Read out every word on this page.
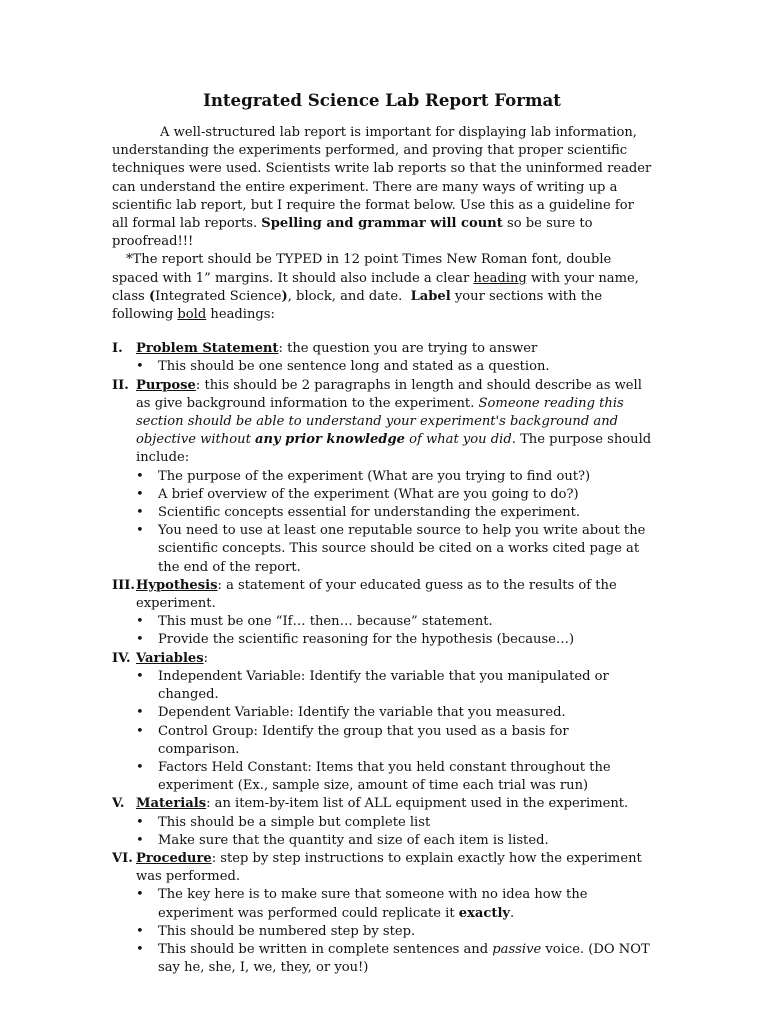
Integrated Science Lab Report Format

A well-structured lab report is important for displaying lab information, understanding the experiments performed, and proving that proper scientific techniques were used. Scientists write lab reports so that the uninformed reader can understand the entire experiment. There are many ways of writing up a scientific lab report, but I require the format below. Use this as a guideline for all formal lab reports. Spelling and grammar will count so be sure to proofread!!!

*The report should be TYPED in 12 point Times New Roman font, double spaced with 1” margins. It should also include a clear heading with your name, class (Integrated Science), block, and date. Label your sections with the following bold headings:

I. Problem Statement: the question you are trying to answer
• This should be one sentence long and stated as a question.
II. Purpose: this should be 2 paragraphs in length and should describe as well as give background information to the experiment. Someone reading this section should be able to understand your experiment's background and objective without any prior knowledge of what you did. The purpose should include:
• The purpose of the experiment (What are you trying to find out?)
• A brief overview of the experiment (What are you going to do?)
• Scientific concepts essential for understanding the experiment.
• You need to use at least one reputable source to help you write about the scientific concepts. This source should be cited on a works cited page at the end of the report.
III. Hypothesis: a statement of your educated guess as to the results of the experiment.
• This must be one “If… then… because” statement.
• Provide the scientific reasoning for the hypothesis (because…)
IV. Variables:
• Independent Variable: Identify the variable that you manipulated or changed.
• Dependent Variable: Identify the variable that you measured.
• Control Group: Identify the group that you used as a basis for comparison.
• Factors Held Constant: Items that you held constant throughout the experiment (Ex., sample size, amount of time each trial was run)
V. Materials: an item-by-item list of ALL equipment used in the experiment.
• This should be a simple but complete list
• Make sure that the quantity and size of each item is listed.
VI. Procedure: step by step instructions to explain exactly how the experiment was performed.
• The key here is to make sure that someone with no idea how the experiment was performed could replicate it exactly.
• This should be numbered step by step.
• This should be written in complete sentences and passive voice. (DO NOT say he, she, I, we, they, or you!)
